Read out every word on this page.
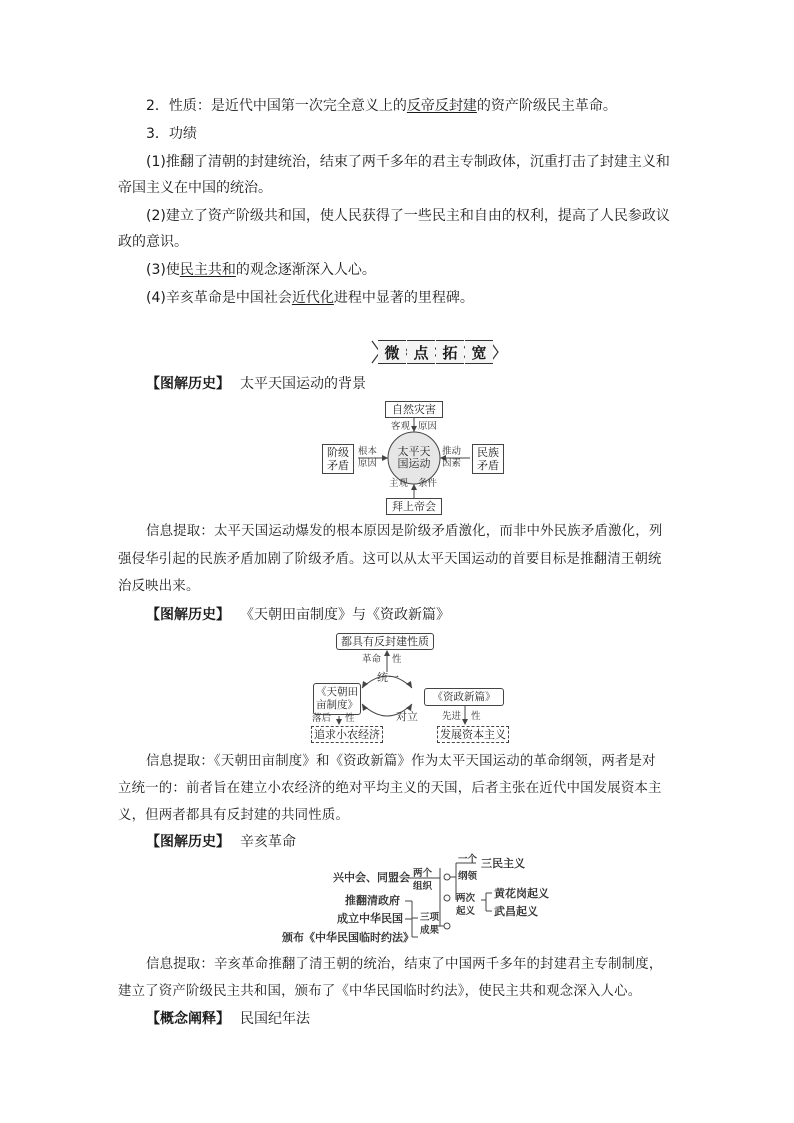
2．性质：是近代中国第一次完全意义上的反帝反封建的资产阶级民主革命。
3．功绩
(1)推翻了清朝的封建统治，结束了两千多年的君主专制政体，沉重打击了封建主义和
帝国主义在中国的统治。
(2)建立了资产阶级共和国，使人民获得了一些民主和自由的权利，提高了人民参政议
政的意识。
(3)使民主共和的观念逐渐深入人心。
(4)辛亥革命是中国社会近代化进程中显著的里程碑。
微 点 拓 宽
【图解历史】 太平天国运动的背景
自然灾害
客观 原因
太平天国运动
阶级矛盾
根本原因
民族矛盾
推动因素
主观 条件
拜上帝会
信息提取：太平天国运动爆发的根本原因是阶级矛盾激化，而非中外民族矛盾激化，列
强侵华引起的民族矛盾加剧了阶级矛盾。这可以从太平天国运动的首要目标是推翻清王朝统
治反映出来。
【图解历史】 《天朝田亩制度》与《资政新篇》
都具有反封建性质
革命 性
统一
《天朝田亩制度》
《资政新篇》
对立
落后 性	先进 性
追求小农经济	发展资本主义
信息提取：《天朝田亩制度》和《资政新篇》作为太平天国运动的革命纲领，两者是对
立统一的：前者旨在建立小农经济的绝对平均主义的天国，后者主张在近代中国发展资本主
义，但两者都具有反封建的共同性质。
【图解历史】 辛亥革命
兴中会、同盟会 两个
组织
一个
纲领
三民主义
两次
起义
黄花岗起义
武昌起义
推翻清政府
成立中华民国
颁布《中华民国临时约法》
三项
成果
信息提取：辛亥革命推翻了清王朝的统治，结束了中国两千多年的封建君主专制制度，
建立了资产阶级民主共和国，颁布了《中华民国临时约法》，使民主共和观念深入人心。
【概念阐释】 民国纪年法
